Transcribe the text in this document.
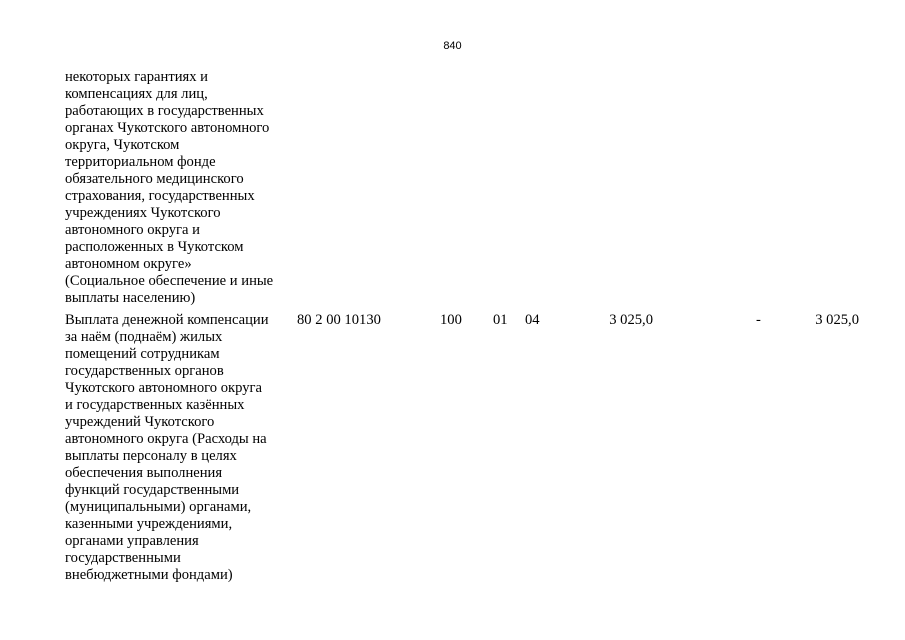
840
некоторых гарантиях и
компенсациях для лиц,
работающих в государственных
органах Чукотского автономного
округа, Чукотском
территориальном фонде
обязательного медицинского
страхования, государственных
учреждениях Чукотского
автономного округа и
расположенных в Чукотском
автономном округе»
(Социальное обеспечение и иные
выплаты населению)
Выплата денежной компенсации
за наём (поднаём) жилых
помещений сотрудникам
государственных органов
Чукотского автономного округа
и государственных казённых
учреждений Чукотского
автономного округа (Расходы на
выплаты персоналу в целях
обеспечения выполнения
функций государственными
(муниципальными) органами,
казенными учреждениями,
органами управления
государственными
внебюджетными фондами)
80 2 00 10130	100 01 04	3 025,0	-	3 025,0
